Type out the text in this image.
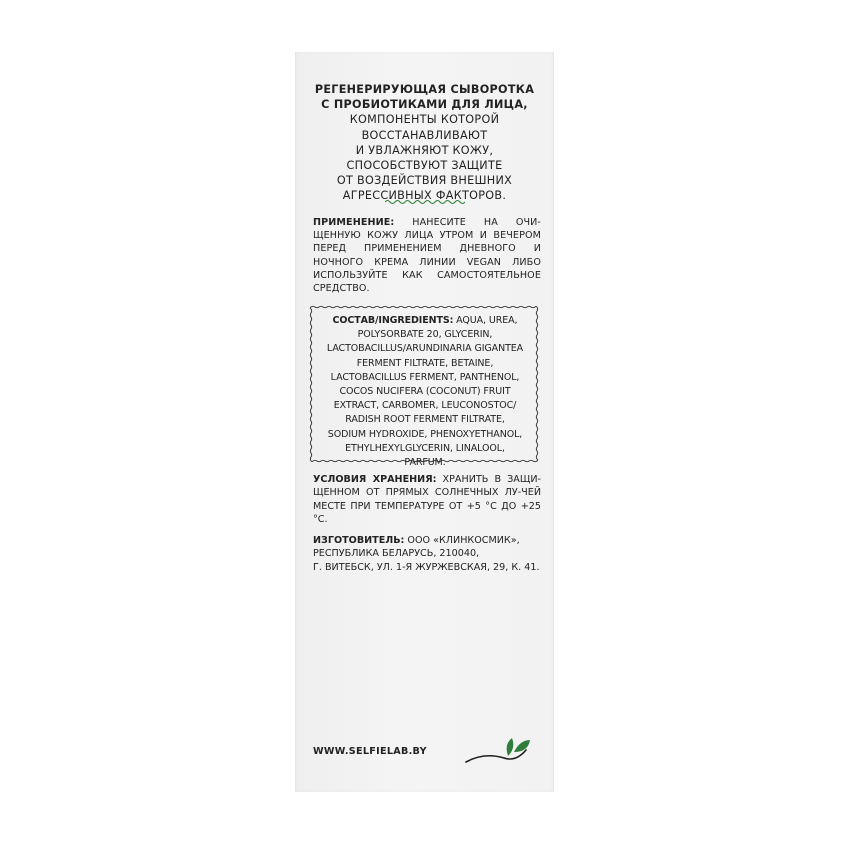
РЕГЕНЕРИРУЮЩАЯ СЫВОРОТКА
С ПРОБИОТИКАМИ ДЛЯ ЛИЦА,
КОМПОНЕНТЫ КОТОРОЙ
ВОССТАНАВЛИВАЮТ
И УВЛАЖНЯЮТ КОЖУ,
СПОСОБСТВУЮТ ЗАЩИТЕ
ОТ ВОЗДЕЙСТВИЯ ВНЕШНИХ
АГРЕССИВНЫХ ФАКТОРОВ.
ПРИМЕНЕНИЕ: НАНЕСИТЕ НА ОЧИ-ЩЕННУЮ КОЖУ ЛИЦА УТРОМ И ВЕЧЕРОМ ПЕРЕД ПРИМЕНЕНИЕМ ДНЕВНОГО И НОЧНОГО КРЕМА ЛИНИИ VEGAN ЛИБО ИСПОЛЬЗУЙТЕ КАК САМОСТОЯТЕЛЬНОЕ СРЕДСТВО.
СОСТАВ/INGREDIENTS: AQUA, UREA,
POLYSORBATE 20, GLYCERIN,
LACTOBACILLUS/ARUNDINARIA GIGANTEA
FERMENT FILTRATE, BETAINE,
LACTOBACILLUS FERMENT, PANTHENOL,
COCOS NUCIFERA (COCONUT) FRUIT
EXTRACT, CARBOMER, LEUCONOSTOC/
RADISH ROOT FERMENT FILTRATE,
SODIUM HYDROXIDE, PHENOXYETHANOL,
ETHYLHEXYLGLYCERIN, LINALOOL,
PARFUM.
УСЛОВИЯ ХРАНЕНИЯ: ХРАНИТЬ В ЗАЩИ-ЩЕННОМ ОТ ПРЯМЫХ СОЛНЕЧНЫХ ЛУ-ЧЕЙ МЕСТЕ ПРИ ТЕМПЕРАТУРЕ ОТ +5 °С ДО +25 °С.
ИЗГОТОВИТЕЛЬ: ООО «КЛИНКОСМИК»,
РЕСПУБЛИКА БЕЛАРУСЬ, 210040,
Г. ВИТЕБСК, УЛ. 1-Я ЖУРЖЕВСКАЯ, 29, К. 41.
WWW.SELFIELAB.BY
